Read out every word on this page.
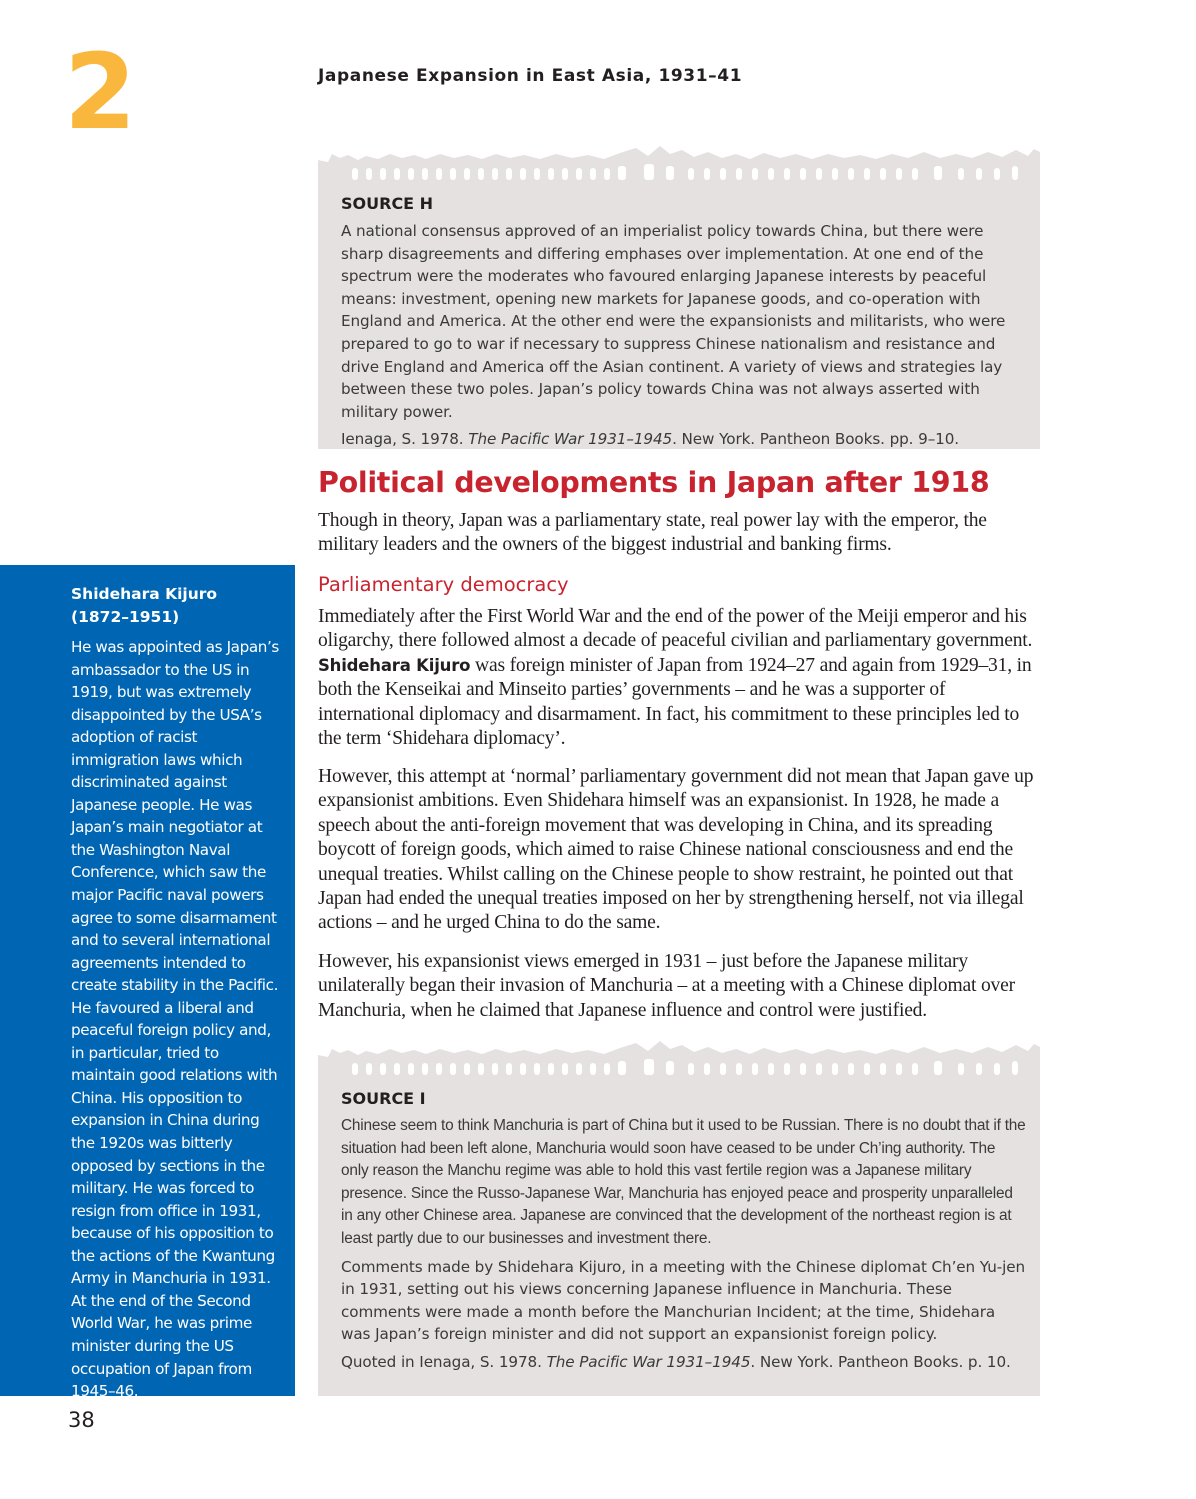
2	Japanese Expansion in East Asia, 1931–41

SOURCE H

A national consensus approved of an imperialist policy towards China, but there were sharp disagreements and differing emphases over implementation. At one end of the spectrum were the moderates who favoured enlarging Japanese interests by peaceful means: investment, opening new markets for Japanese goods, and co-operation with England and America. At the other end were the expansionists and militarists, who were prepared to go to war if necessary to suppress Chinese nationalism and resistance and drive England and America off the Asian continent. A variety of views and strategies lay between these two poles. Japan’s policy towards China was not always asserted with military power.

Ienaga, S. 1978. The Pacific War 1931–1945. New York. Pantheon Books. pp. 9–10.

Political developments in Japan after 1918

Though in theory, Japan was a parliamentary state, real power lay with the emperor, the military leaders and the owners of the biggest industrial and banking firms.

Parliamentary democracy

Immediately after the First World War and the end of the power of the Meiji emperor and his oligarchy, there followed almost a decade of peaceful civilian and parliamentary government. Shidehara Kijuro was foreign minister of Japan from 1924–27 and again from 1929–31, in both the Kenseikai and Minseito parties’ governments – and he was a supporter of international diplomacy and disarmament. In fact, his commitment to these principles led to the term ‘Shidehara diplomacy’.

However, this attempt at ‘normal’ parliamentary government did not mean that Japan gave up expansionist ambitions. Even Shidehara himself was an expansionist. In 1928, he made a speech about the anti-foreign movement that was developing in China, and its spreading boycott of foreign goods, which aimed to raise Chinese national consciousness and end the unequal treaties. Whilst calling on the Chinese people to show restraint, he pointed out that Japan had ended the unequal treaties imposed on her by strengthening herself, not via illegal actions – and he urged China to do the same.

However, his expansionist views emerged in 1931 – just before the Japanese military unilaterally began their invasion of Manchuria – at a meeting with a Chinese diplomat over Manchuria, when he claimed that Japanese influence and control were justified.

Shidehara Kijuro
(1872–1951)

He was appointed as Japan’s ambassador to the US in 1919, but was extremely disappointed by the USA’s adoption of racist immigration laws which discriminated against Japanese people. He was Japan’s main negotiator at the Washington Naval Conference, which saw the major Pacific naval powers agree to some disarmament and to several international agreements intended to create stability in the Pacific. He favoured a liberal and peaceful foreign policy and, in particular, tried to maintain good relations with China. His opposition to expansion in China during the 1920s was bitterly opposed by sections in the military. He was forced to resign from office in 1931, because of his opposition to the actions of the Kwantung Army in Manchuria in 1931. At the end of the Second World War, he was prime minister during the US occupation of Japan from 1945–46.

SOURCE I

Chinese seem to think Manchuria is part of China but it used to be Russian. There is no doubt that if the situation had been left alone, Manchuria would soon have ceased to be under Ch’ing authority. The only reason the Manchu regime was able to hold this vast fertile region was a Japanese military presence. Since the Russo-Japanese War, Manchuria has enjoyed peace and prosperity unparalleled in any other Chinese area. Japanese are convinced that the development of the northeast region is at least partly due to our businesses and investment there.

Comments made by Shidehara Kijuro, in a meeting with the Chinese diplomat Ch’en Yu-jen in 1931, setting out his views concerning Japanese influence in Manchuria. These comments were made a month before the Manchurian Incident; at the time, Shidehara was Japan’s foreign minister and did not support an expansionist foreign policy.

Quoted in Ienaga, S. 1978. The Pacific War 1931–1945. New York. Pantheon Books. p. 10.

38
